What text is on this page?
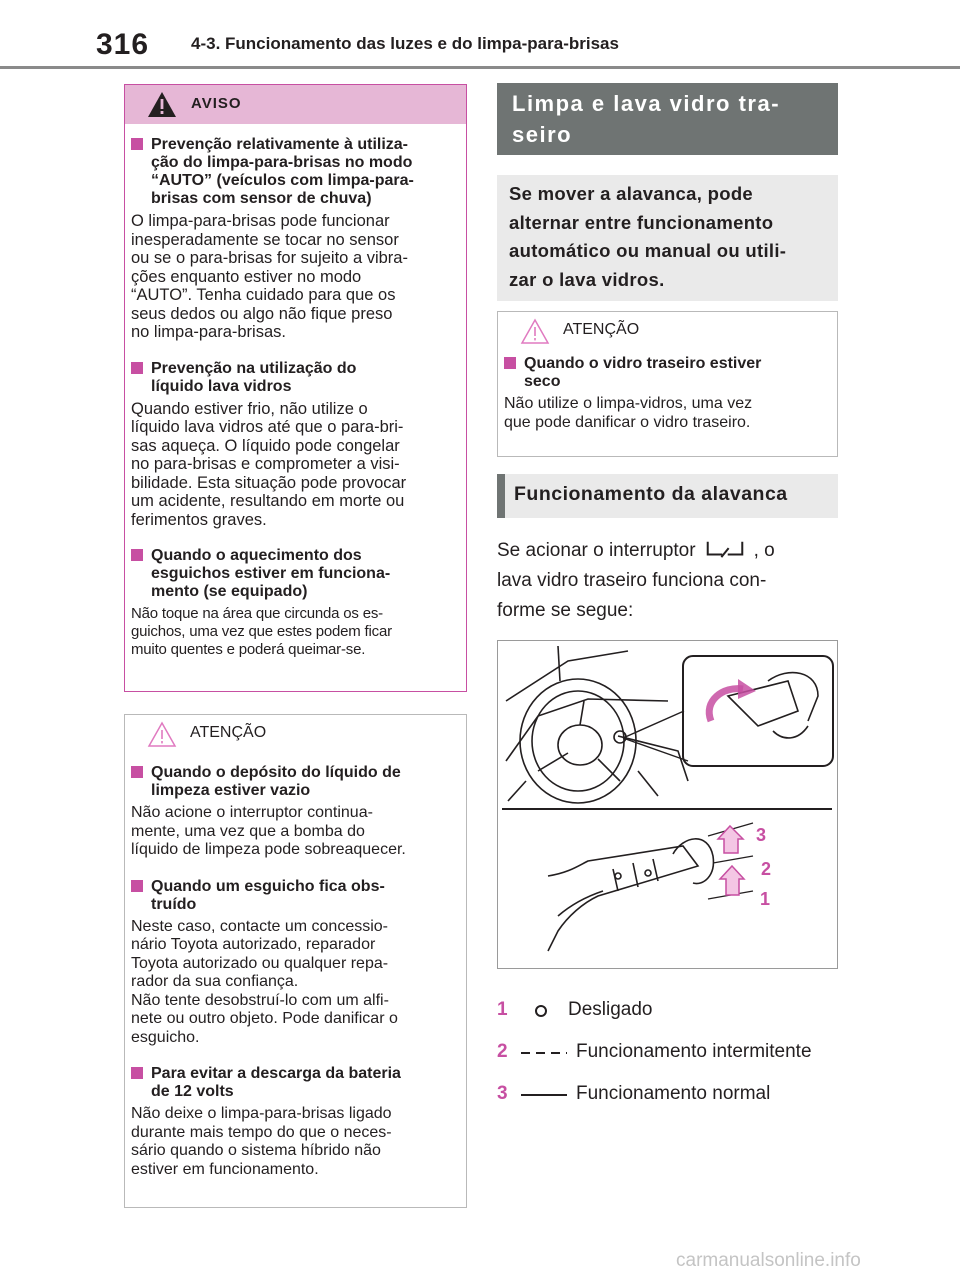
316 4-3. Funcionamento das luzes e do limpa-para-brisas
AVISO
Prevenção relativamente à utiliza-
ção do limpa-para-brisas no modo
“AUTO” (veículos com limpa-para-
brisas com sensor de chuva)
O limpa-para-brisas pode funcionar
inesperadamente se tocar no sensor
ou se o para-brisas for sujeito a vibra-
ções enquanto estiver no modo
“AUTO”. Tenha cuidado para que os
seus dedos ou algo não fique preso
no limpa-para-brisas.
Prevenção na utilização do
líquido lava vidros
Quando estiver frio, não utilize o
líquido lava vidros até que o para-bri-
sas aqueça. O líquido pode congelar
no para-brisas e comprometer a visi-
bilidade. Esta situação pode provocar
um acidente, resultando em morte ou
ferimentos graves.
Quando o aquecimento dos
esguichos estiver em funciona-
mento (se equipado)
Não toque na área que circunda os es-
guichos, uma vez que estes podem ficar
muito quentes e poderá queimar-se.
ATENÇÃO
Quando o depósito do líquido de
limpeza estiver vazio
Não acione o interruptor continua-
mente, uma vez que a bomba do
líquido de limpeza pode sobreaquecer.
Quando um esguicho fica obs-
truído
Neste caso, contacte um concessio-
nário Toyota autorizado, reparador
Toyota autorizado ou qualquer repa-
rador da sua confiança.
Não tente desobstruí-lo com um alfi-
nete ou outro objeto. Pode danificar o
esguicho.
Para evitar a descarga da bateria
de 12 volts
Não deixe o limpa-para-brisas ligado
durante mais tempo do que o neces-
sário quando o sistema híbrido não
estiver em funcionamento.
Limpa e lava vidro tra-
seiro
Se mover a alavanca, pode
alternar entre funcionamento
automático ou manual ou utili-
zar o lava vidros.
ATENÇÃO
Quando o vidro traseiro estiver
seco
Não utilize o limpa-vidros, uma vez
que pode danificar o vidro traseiro.
Funcionamento da alavanca
Se acionar o interruptor	, o
lava vidro traseiro funciona con-
forme se segue:
3
2
1
1	Desligado
2	Funcionamento intermitente
3	Funcionamento normal
carmanualsonline.info
